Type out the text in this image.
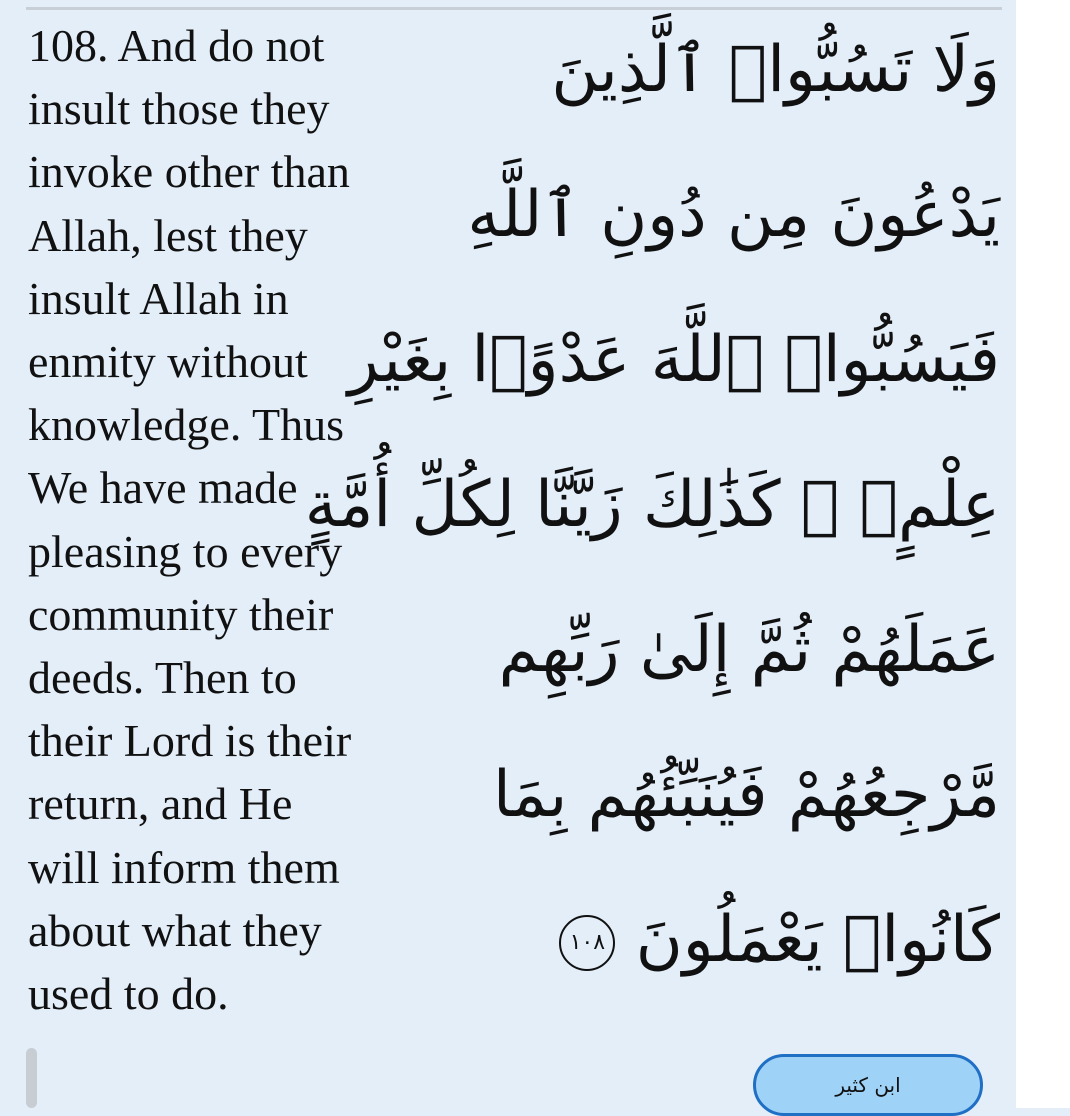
108. And do not
insult those they
invoke other than
Allah, lest they
insult Allah in
enmity without
knowledge. Thus
We have made
pleasing to every
community their
deeds. Then to
their Lord is their
return, and He
will inform them
about what they
used to do.

وَلَا تَسُبُّوا۟ ٱلَّذِينَ
يَدْعُونَ مِن دُونِ ٱللَّهِ
فَيَسُبُّوا۟ ٱللَّهَ عَدْوًۢا بِغَيْرِ
عِلْمٍۢ ۗ كَذَٰلِكَ زَيَّنَّا لِكُلِّ أُمَّةٍ
عَمَلَهُمْ ثُمَّ إِلَىٰ رَبِّهِم
مَّرْجِعُهُمْ فَيُنَبِّئُهُم بِمَا
كَانُوا۟ يَعْمَلُونَ ١٠٨
ابن كثير
